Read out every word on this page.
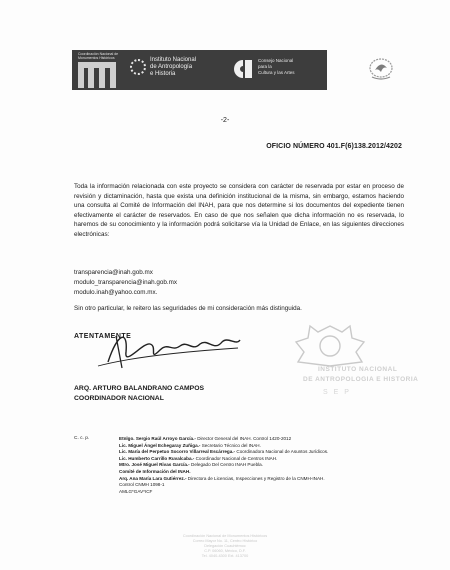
Coordinación Nacional de Monumentos Históricos	Instituto Nacional
de Antropología
e Historia
Consejo Nacional
para la
Cultura y las Artes
-2-
OFICIO NÚMERO 401.F(6)138.2012/4202

Toda la información relacionada con este proyecto se considera con carácter de reservada por estar en proceso de revisión y dictaminación, hasta que exista una definición institucional de la misma, sin embargo, estamos haciendo una consulta al Comité de Información del INAH, para que nos determine si los documentos del expediente tienen efectivamente el carácter de reservados. En caso de que nos señalen que dicha información no es reservada, lo haremos de su conocimiento y la información podrá solicitarse vía la Unidad de Enlace, en las siguientes direcciones electrónicas:

transparencia@inah.gob.mx
modulo_transparencia@inah.gob.mx
modulo.inah@yahoo.com.mx.
Sin otro particular, le reitero las seguridades de mi consideración más distinguida.
ATENTAMENTE
ARQ. ARTURO BALANDRANO CAMPOS
COORDINADOR NACIONAL
INSTITUTO NACIONAL
DE ANTROPOLOGIA E HISTORIA
S E P
C. c. p.	Etnlgo. Sergio Raúl Arroyo García.- Director General del INAH. Control 1420-2012
Lic. Miguel Ángel Echegaray Zuñiga.- Secretario Técnico del INAH.
Lic. María del Perpetuo Socorro Villarreal Escárrega.- Coordinadora Nacional de Asuntos Jurídicos.
Lic. Humberto Carrillo Ruvalcaba.- Coordinador Nacional de Centros INAH.
Mtro. José Miguel Rivas García.- Delegado Del Centro INAH Puebla.
Comité de Información del INAH.
Arq. Ana María Lara Gutiérrez.- Directora de Licencias, Inspecciones y Registro de la CNMH-INAH.
Control CNMH 1098-1
AMLG*GAV*ICF
Coordinación Nacional de Monumentos Históricos
Correo Mayor No. 11, Centro Histórico
Delegación Cuauhtémoc
C.P. 06060, México, D.F.
Tel. 4040-4300 Ext. 413700
